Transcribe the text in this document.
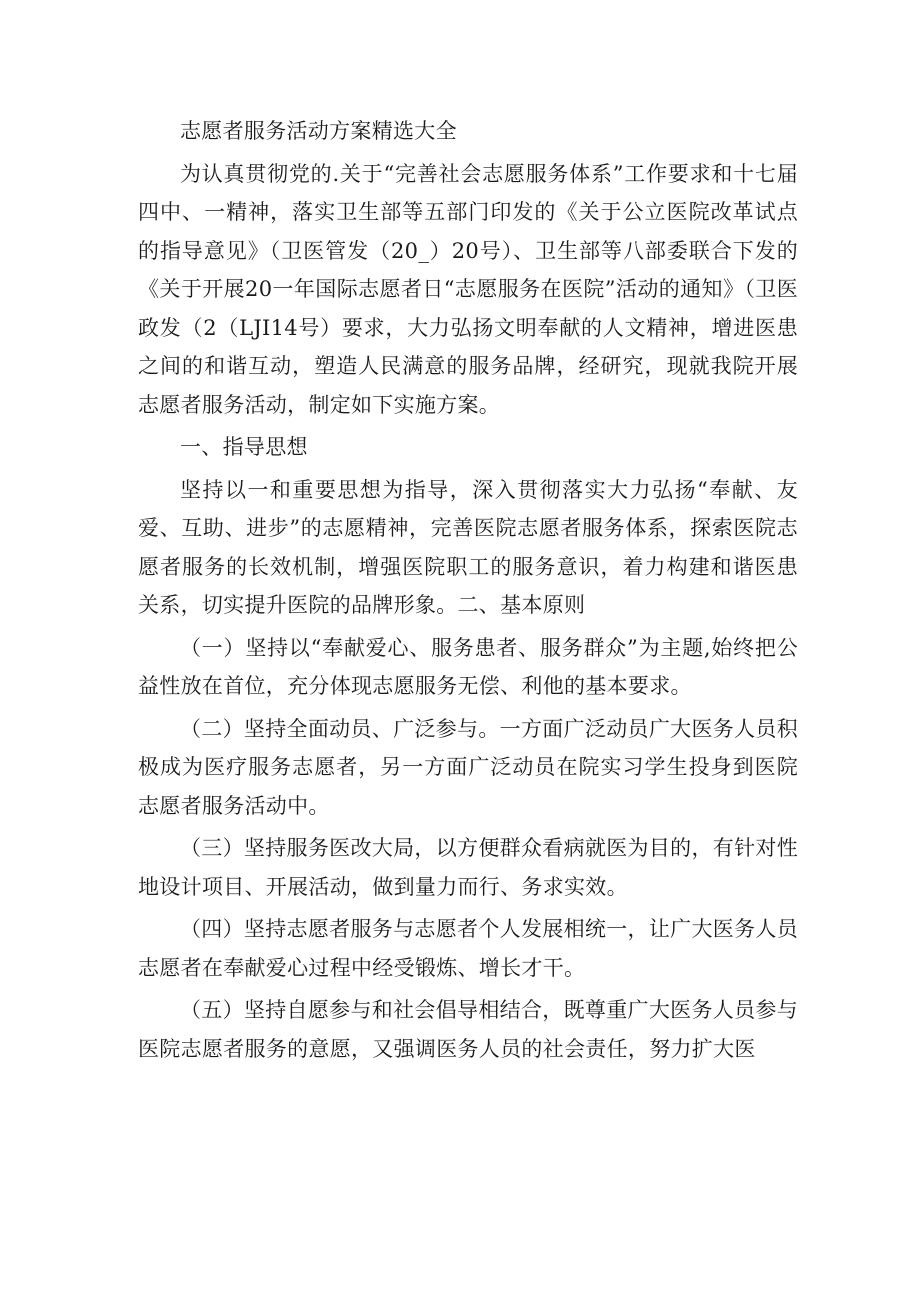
志愿者服务活动方案精选大全

为认真贯彻党的.关于“完善社会志愿服务体系”工作要求和十七届四中、一精神，落实卫生部等五部门印发的《关于公立医院改革试点的指导意见》（卫医管发（20_）20号）、卫生部等八部委联合下发的《关于开展20一年国际志愿者日“志愿服务在医院”活动的通知》（卫医政发（2（LJI14号）要求，大力弘扬文明奉献的人文精神，增进医患之间的和谐互动，塑造人民满意的服务品牌，经研究，现就我院开展志愿者服务活动，制定如下实施方案。

一、指导思想

坚持以一和重要思想为指导，深入贯彻落实大力弘扬“奉献、友爱、互助、进步”的志愿精神，完善医院志愿者服务体系，探索医院志愿者服务的长效机制，增强医院职工的服务意识，着力构建和谐医患关系，切实提升医院的品牌形象。二、基本原则

（一）坚持以“奉献爱心、服务患者、服务群众”为主题,始终把公益性放在首位，充分体现志愿服务无偿、利他的基本要求。

（二）坚持全面动员、广泛参与。一方面广泛动员广大医务人员积极成为医疗服务志愿者，另一方面广泛动员在院实习学生投身到医院志愿者服务活动中。

（三）坚持服务医改大局，以方便群众看病就医为目的，有针对性地设计项目、开展活动，做到量力而行、务求实效。

（四）坚持志愿者服务与志愿者个人发展相统一，让广大医务人员志愿者在奉献爱心过程中经受锻炼、增长才干。

（五）坚持自愿参与和社会倡导相结合，既尊重广大医务人员参与医院志愿者服务的意愿，又强调医务人员的社会责任，努力扩大医
